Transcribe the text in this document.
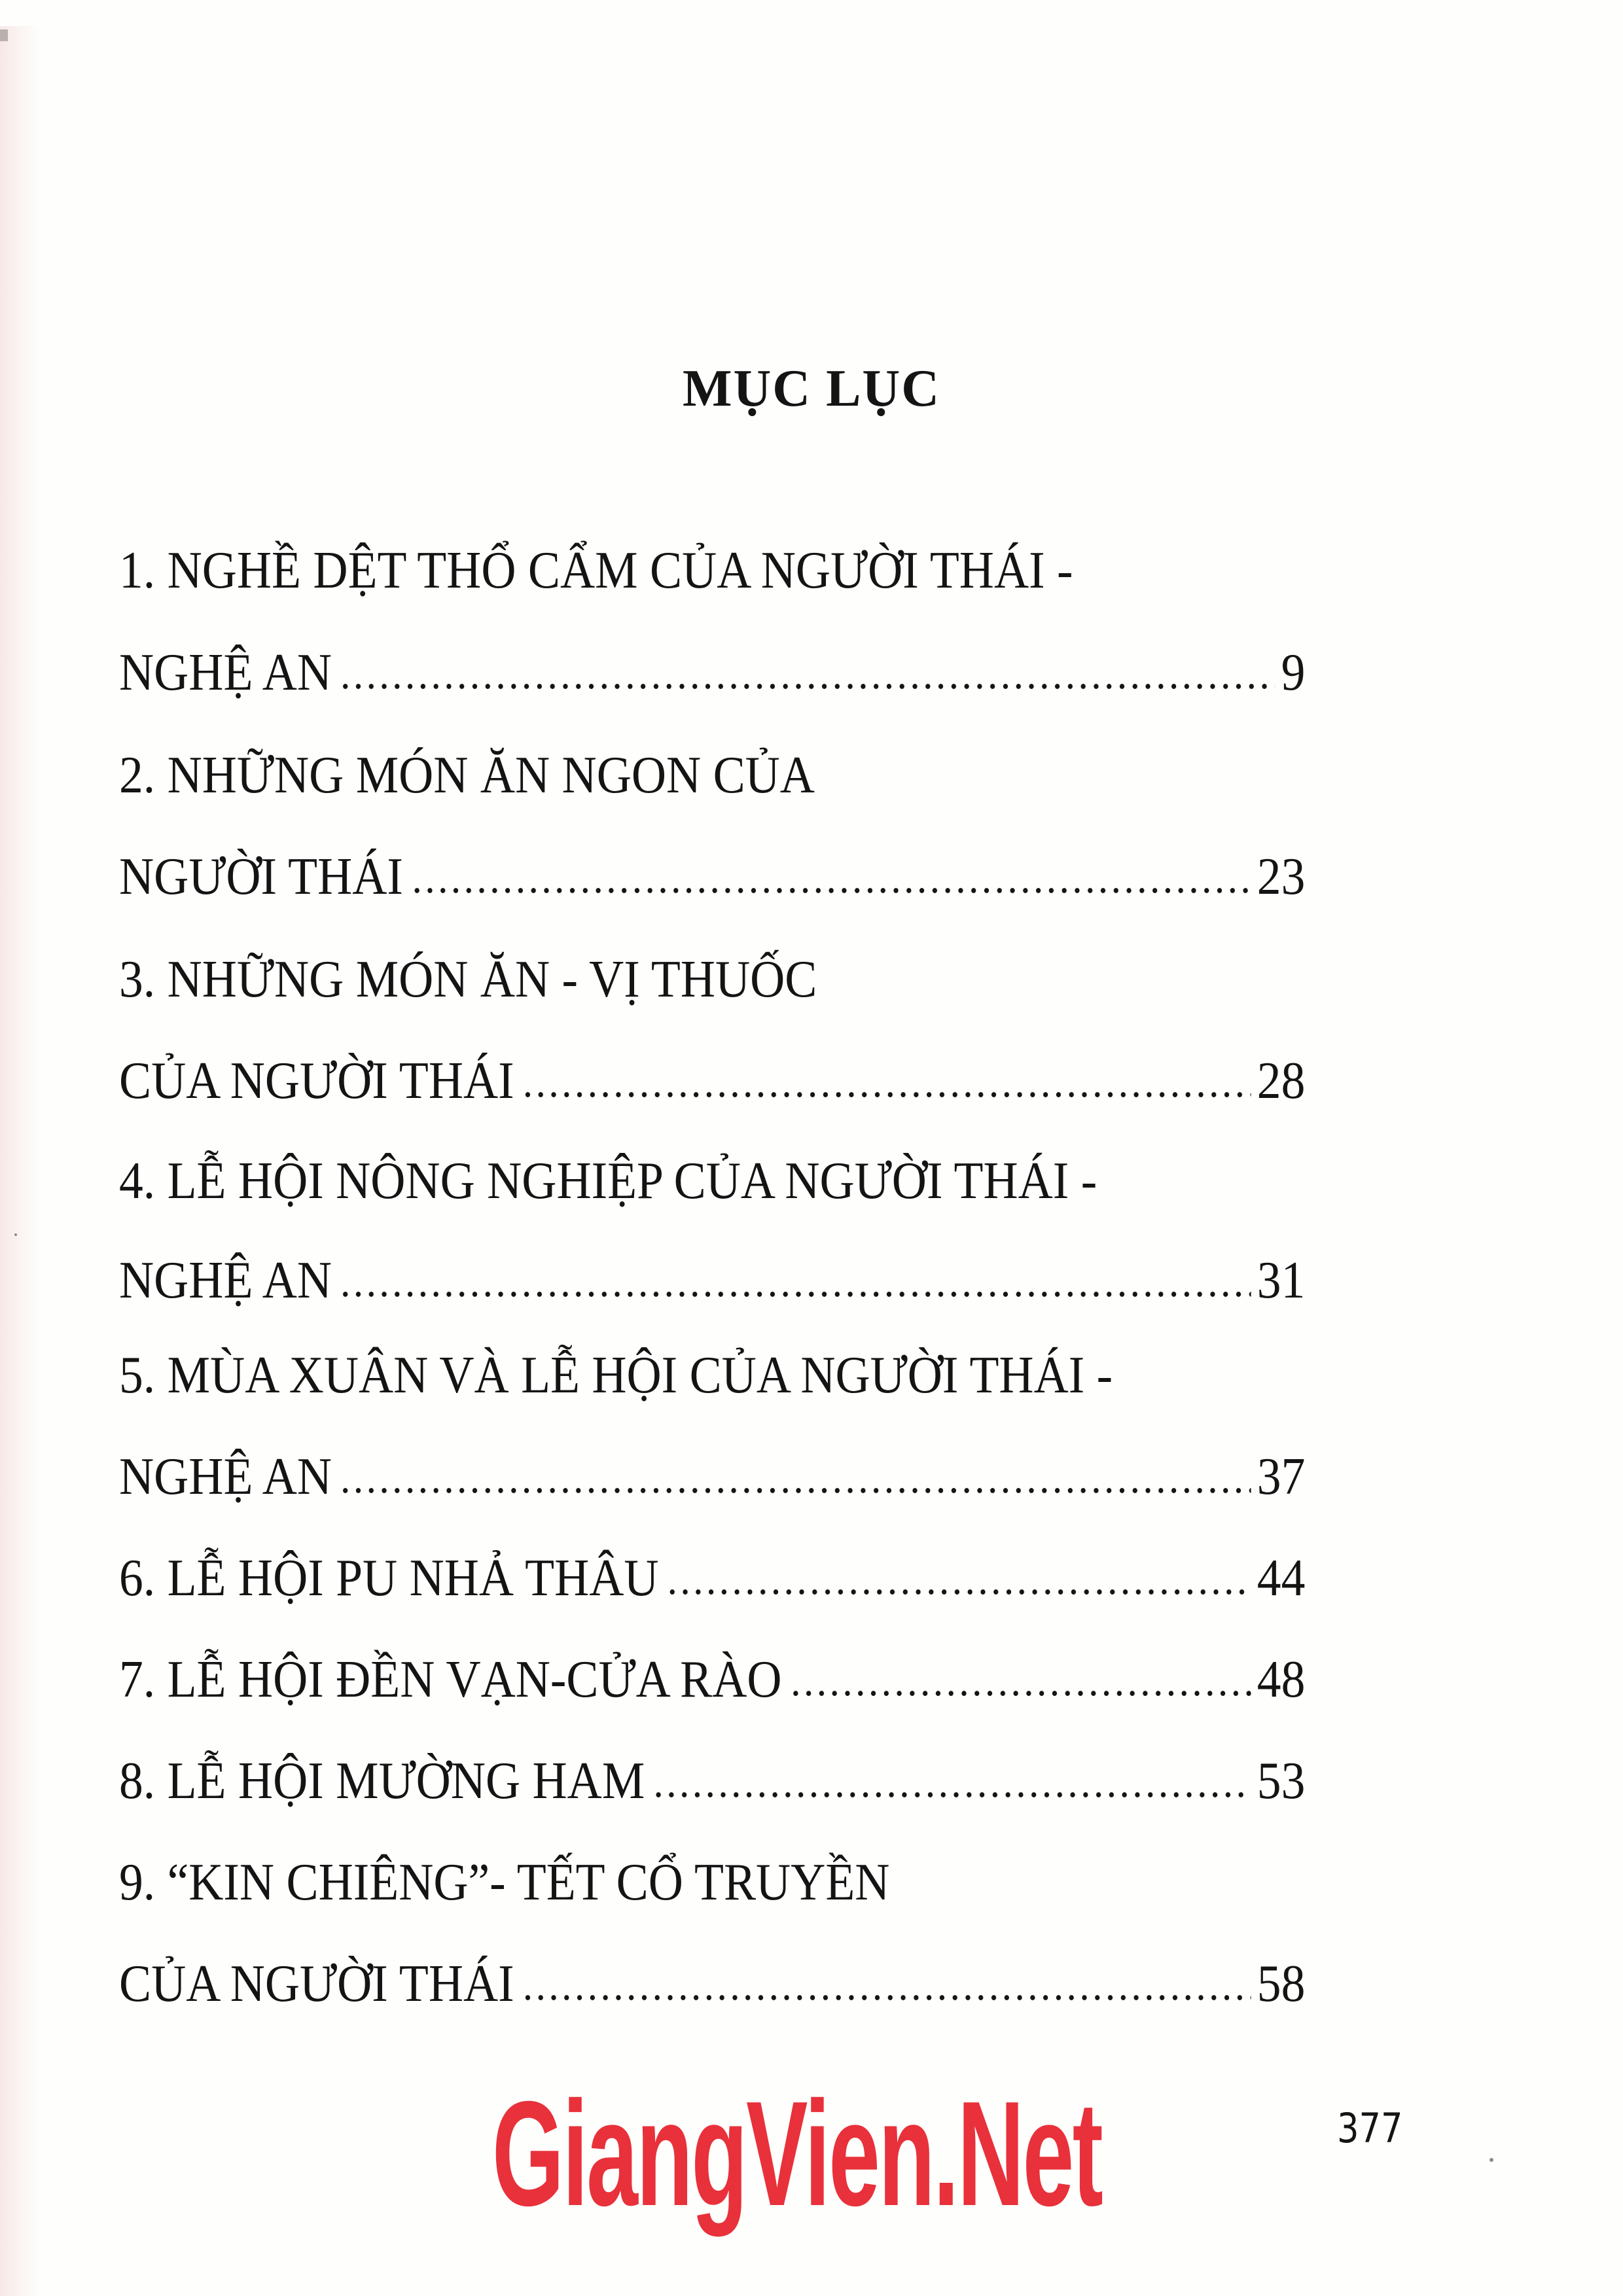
MỤC LỤC
1. NGHỀ DỆT THỔ CẨM CỦA NGƯỜI THÁI -
NGHỆ AN	9
2. NHỮNG MÓN ĂN NGON CỦA
NGƯỜI THÁI	23
3. NHỮNG MÓN ĂN - VỊ THUỐC
CỦA NGƯỜI THÁI	28
4. LỄ HỘI NÔNG NGHIỆP CỦA NGƯỜI THÁI -
NGHỆ AN	31
5. MÙA XUÂN VÀ LỄ HỘI CỦA NGƯỜI THÁI -
NGHỆ AN	37
6. LỄ HỘI PU NHẢ THÂU	44
7. LỄ HỘI ĐỀN VẠN-CỬA RÀO	48
8. LỄ HỘI MƯỜNG HAM	53
9. “KIN CHIÊNG”- TẾT CỔ TRUYỀN
CỦA NGƯỜI THÁI	58
GiangVien.Net	377
